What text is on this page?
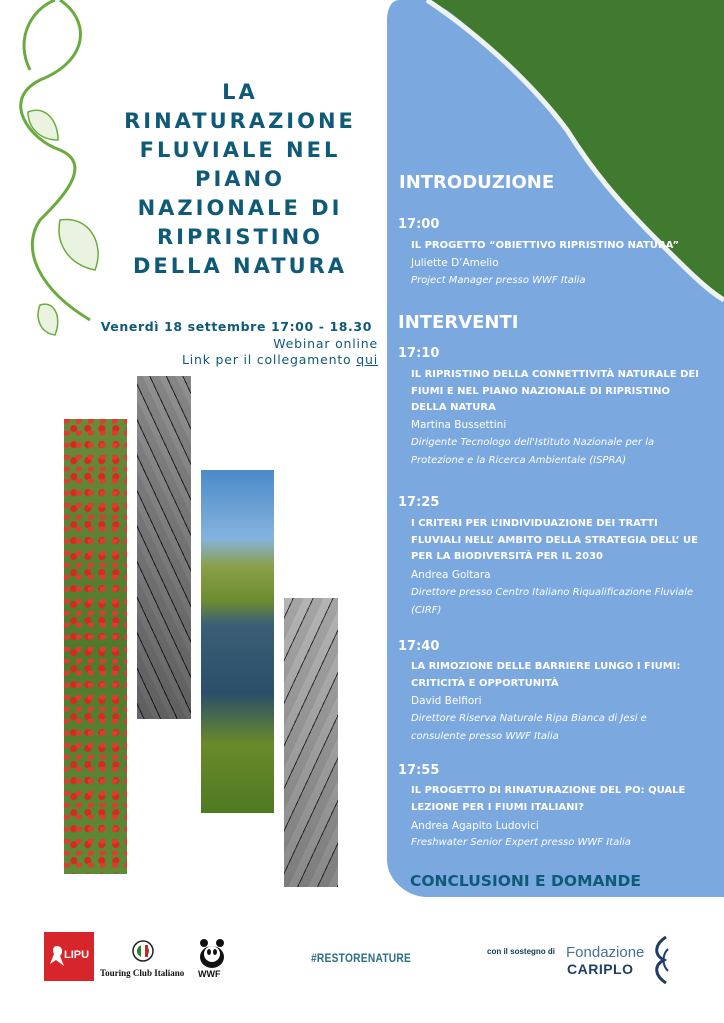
LA
RINATURAZIONE
FLUVIALE NEL
PIANO
NAZIONALE DI
RIPRISTINO
DELLA NATURA
Venerdì 18 settembre 17:00 - 18.30
Webinar online
Link per il collegamento qui
INTRODUZIONE
17:00
IL PROGETTO “OBIETTIVO RIPRISTINO NATURA”
Juliette D’Amelio
Project Manager presso WWF Italia
INTERVENTI
17:10
IL RIPRISTINO DELLA CONNETTIVITÀ NATURALE DEI FIUMI E NEL PIANO NAZIONALE DI RIPRISTINO DELLA NATURA
Martina Bussettini
Dirigente Tecnologo dell'Istituto Nazionale per la Protezione e la Ricerca Ambientale (ISPRA)
17:25
I CRITERI PER L’INDIVIDUAZIONE DEI TRATTI FLUVIALI NELL’ AMBITO DELLA STRATEGIA DELL’ UE PER LA BIODIVERSITÀ PER IL 2030
Andrea Goltara
Direttore presso Centro Italiano Riqualificazione Fluviale (CIRF)
17:40
LA RIMOZIONE DELLE BARRIERE LUNGO I FIUMI: CRITICITÀ E OPPORTUNITÀ
David Belfiori
Direttore Riserva Naturale Ripa Bianca di Jesi e consulente presso WWF Italia
17:55
IL PROGETTO DI RINATURAZIONE DEL PO: QUALE LEZIONE PER I FIUMI ITALIANI?
Andrea Agapito Ludovici
Freshwater Senior Expert presso WWF Italia
CONCLUSIONI E DOMANDE
LIPU
Touring Club Italiano WWF
#RESTORENATURE	con il sostegno di Fondazione
CARIPLO
